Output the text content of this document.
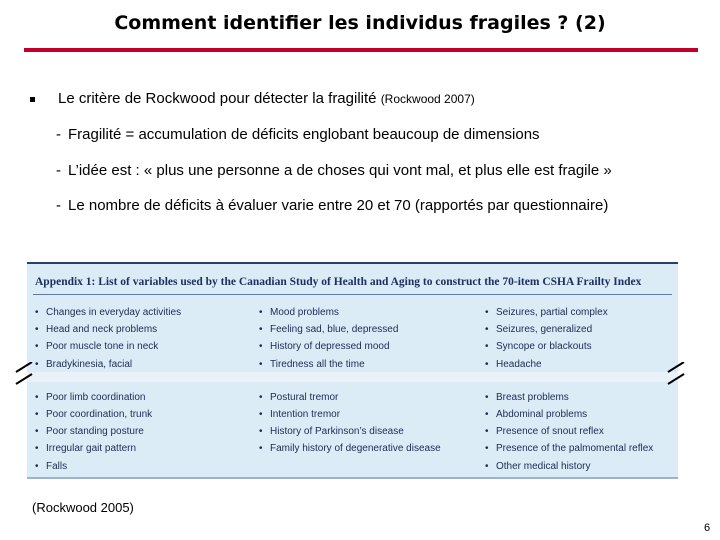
Comment identifier les individus fragiles ? (2)
Le critère de Rockwood pour détecter la fragilité (Rockwood 2007)
- Fragilité = accumulation de déficits englobant beaucoup de dimensions
- L’idée est : « plus une personne a de choses qui vont mal, et plus elle est fragile »
- Le nombre de déficits à évaluer varie entre 20 et 70 (rapportés par questionnaire)
Appendix 1: List of variables used by the Canadian Study of Health and Aging to construct the 70-item CSHA Frailty Index
• Changes in everyday activities
• Head and neck problems
• Poor muscle tone in neck
• Bradykinesia, facial
• Poor limb coordination
• Poor coordination, trunk
• Poor standing posture
• Irregular gait pattern
• Falls
• Mood problems
• Feeling sad, blue, depressed
• History of depressed mood
• Tiredness all the time
• Postural tremor
• Intention tremor
• History of Parkinson’s disease
• Family history of degenerative disease
• Seizures, partial complex
• Seizures, generalized
• Syncope or blackouts
• Headache
• Breast problems
• Abdominal problems
• Presence of snout reflex
• Presence of the palmomental reflex
• Other medical history
(Rockwood 2005)
6
